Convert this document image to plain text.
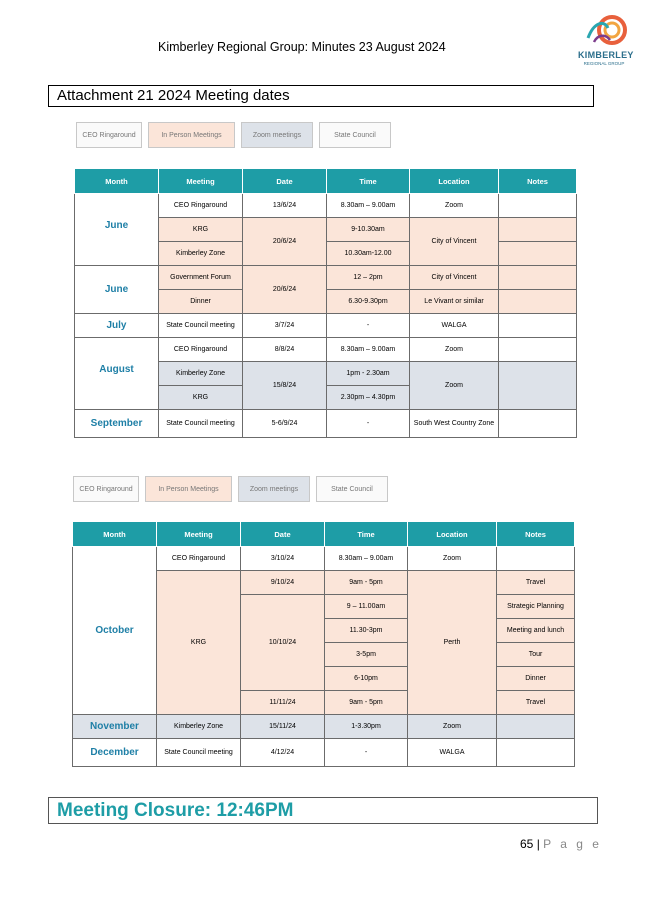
Kimberley Regional Group: Minutes 23 August 2024
KIMBERLEY
REGIONAL GROUP
Attachment 21 2024 Meeting dates
CEO Ringaround	In Person Meetings	Zoom meetings	State Council
Month	Meeting	Date	Time	Location	Notes
June	CEO Ringaround	13/6/24	8.30am – 9.00am	Zoom	
	KRG	20/6/24	9-10.30am	City of Vincent	
	Kimberley Zone		10.30am-12.00		
June	Government Forum	20/6/24	12 – 2pm	City of Vincent	
	Dinner		6.30-9.30pm	Le Vivant or similar	
July	State Council meeting	3/7/24	-	WALGA	
August	CEO Ringaround	8/8/24	8.30am – 9.00am	Zoom	
	Kimberley Zone	15/8/24	1pm - 2.30am	Zoom	
	KRG		2.30pm – 4.30pm		
September	State Council meeting	5-6/9/24	-	South West Country Zone	
CEO Ringaround	In Person Meetings	Zoom meetings	State Council
Month	Meeting	Date	Time	Location	Notes
October	CEO Ringaround	3/10/24	8.30am – 9.00am	Zoom	
	KRG	9/10/24	9am - 5pm	Perth	Travel
		10/10/24	9 – 11.00am		Strategic Planning
			11.30-3pm		Meeting and lunch
			3-5pm		Tour
			6-10pm		Dinner
		11/11/24	9am - 5pm		Travel
November	Kimberley Zone	15/11/24	1-3.30pm	Zoom	
December	State Council meeting	4/12/24	-	WALGA	
Meeting Closure: 12:46PM
65 | P a g e
